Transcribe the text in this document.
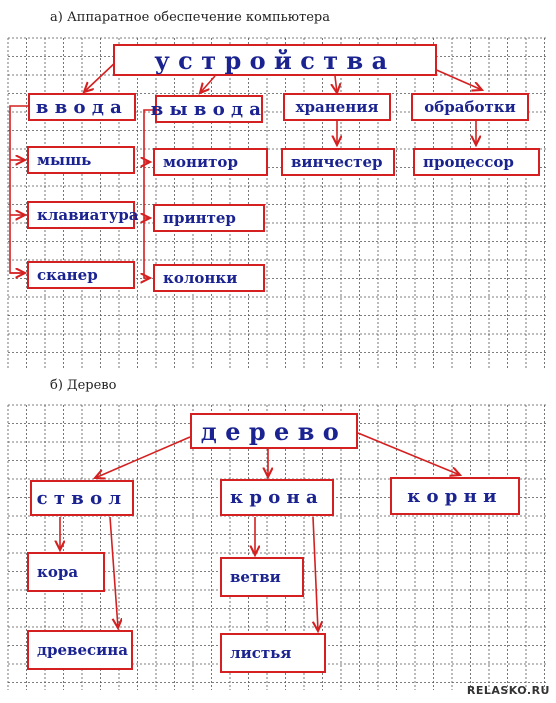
а) Аппаратное обеспечение компьютера
б) Дерево
устройства
ввода	вывода	хранения	обработки
мышь
клавиатура
сканер
монитор
принтер
колонки
винчестер	процессор
дерево
ствол	крона	корни
кора
древесина
ветви
листья
RELASKO.RU
